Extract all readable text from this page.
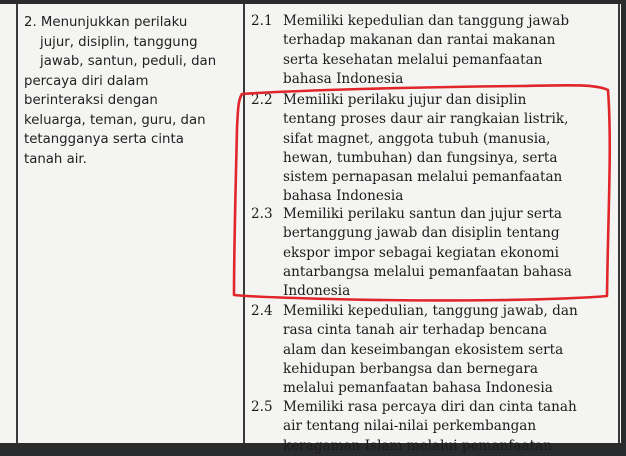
2. Menunjukkan perilaku
jujur, disiplin, tanggung
jawab, santun, peduli, dan
percaya diri dalam
berinteraksi dengan
keluarga, teman, guru, dan
tetangganya serta cinta
tanah air.
2.1 Memiliki kepedulian dan tanggung jawab
terhadap makanan dan rantai makanan
serta kesehatan melalui pemanfaatan
bahasa Indonesia
2.2 Memiliki perilaku jujur dan disiplin
tentang proses daur air rangkaian listrik,
sifat magnet, anggota tubuh (manusia,
hewan, tumbuhan) dan fungsinya, serta
sistem pernapasan melalui pemanfaatan
bahasa Indonesia
2.3 Memiliki perilaku santun dan jujur serta
bertanggung jawab dan disiplin tentang
ekspor impor sebagai kegiatan ekonomi
antarbangsa melalui pemanfaatan bahasa
Indonesia
2.4 Memiliki kepedulian, tanggung jawab, dan
rasa cinta tanah air terhadap bencana
alam dan keseimbangan ekosistem serta
kehidupan berbangsa dan bernegara
melalui pemanfaatan bahasa Indonesia
2.5 Memiliki rasa percaya diri dan cinta tanah
air tentang nilai-nilai perkembangan
keragaman Islam melalui pemanfaatan
